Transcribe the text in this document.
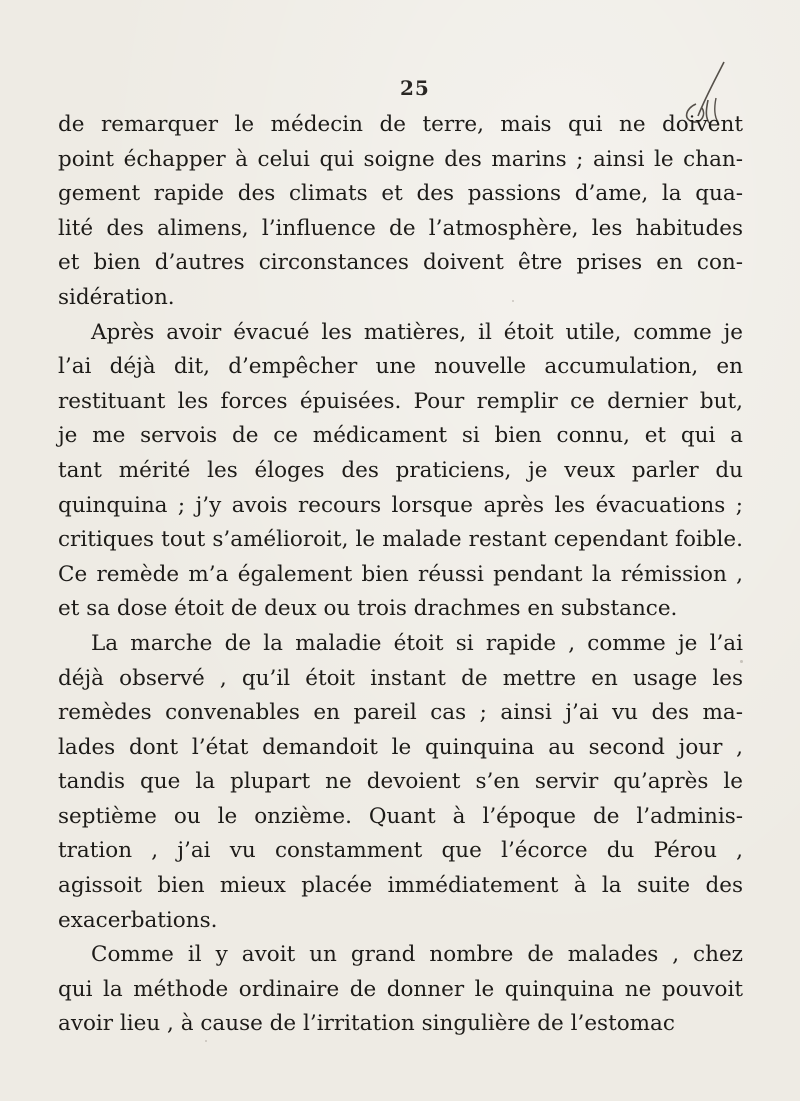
25
de remarquer le médecin de terre, mais qui ne doivent
point échapper à celui qui soigne des marins ; ainsi le chan-
gement rapide des climats et des passions d’ame, la qua-
lité des alimens, l’influence de l’atmosphère, les habitudes
et bien d’autres circonstances doivent être prises en con-
sidération.
Après avoir évacué les matières, il étoit utile, comme je
l’ai déjà dit, d’empêcher une nouvelle accumulation, en
restituant les forces épuisées. Pour remplir ce dernier but,
je me servois de ce médicament si bien connu, et qui a
tant mérité les éloges des praticiens, je veux parler du
quinquina ; j’y avois recours lorsque après les évacuations ;
critiques tout s’amélioroit, le malade restant cependant foible.
Ce remède m’a également bien réussi pendant la rémission ,
et sa dose étoit de deux ou trois drachmes en substance.
La marche de la maladie étoit si rapide , comme je l’ai
déjà observé , qu’il étoit instant de mettre en usage les
remèdes convenables en pareil cas ; ainsi j’ai vu des ma-
lades dont l’état demandoit le quinquina au second jour ,
tandis que la plupart ne devoient s’en servir qu’après le
septième ou le onzième. Quant à l’époque de l’adminis-
tration , j’ai vu constamment que l’écorce du Pérou ,
agissoit bien mieux placée immédiatement à la suite des
exacerbations.
Comme il y avoit un grand nombre de malades , chez
qui la méthode ordinaire de donner le quinquina ne pouvoit
avoir lieu , à cause de l’irritation singulière de l’estomac
